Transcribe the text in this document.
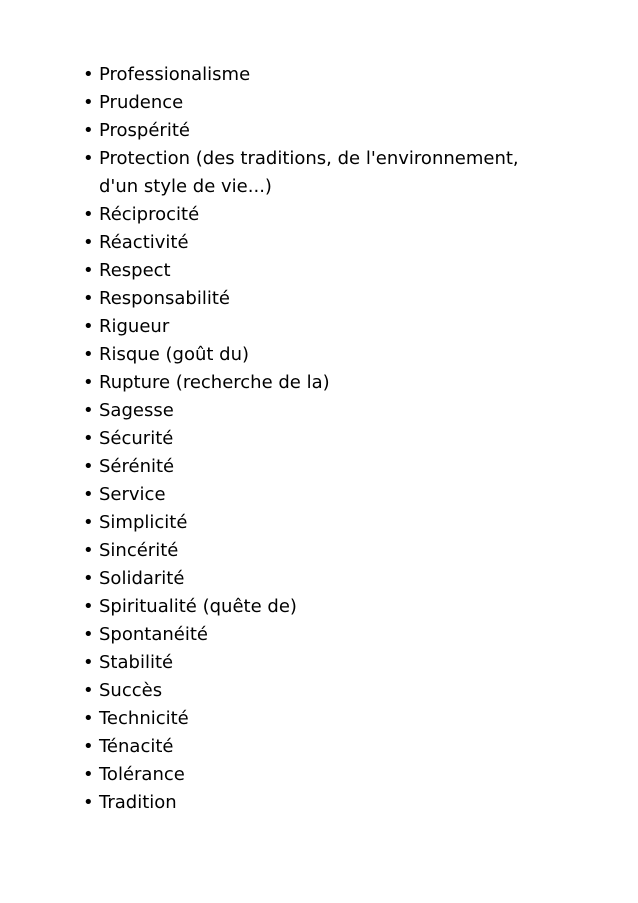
• Professionalisme
• Prudence
• Prospérité
• Protection (des traditions, de l'environnement,
d'un style de vie...)
• Réciprocité
• Réactivité
• Respect
• Responsabilité
• Rigueur
• Risque (goût du)
• Rupture (recherche de la)
• Sagesse
• Sécurité
• Sérénité
• Service
• Simplicité
• Sincérité
• Solidarité
• Spiritualité (quête de)
• Spontanéité
• Stabilité
• Succès
• Technicité
• Ténacité
• Tolérance
• Tradition
